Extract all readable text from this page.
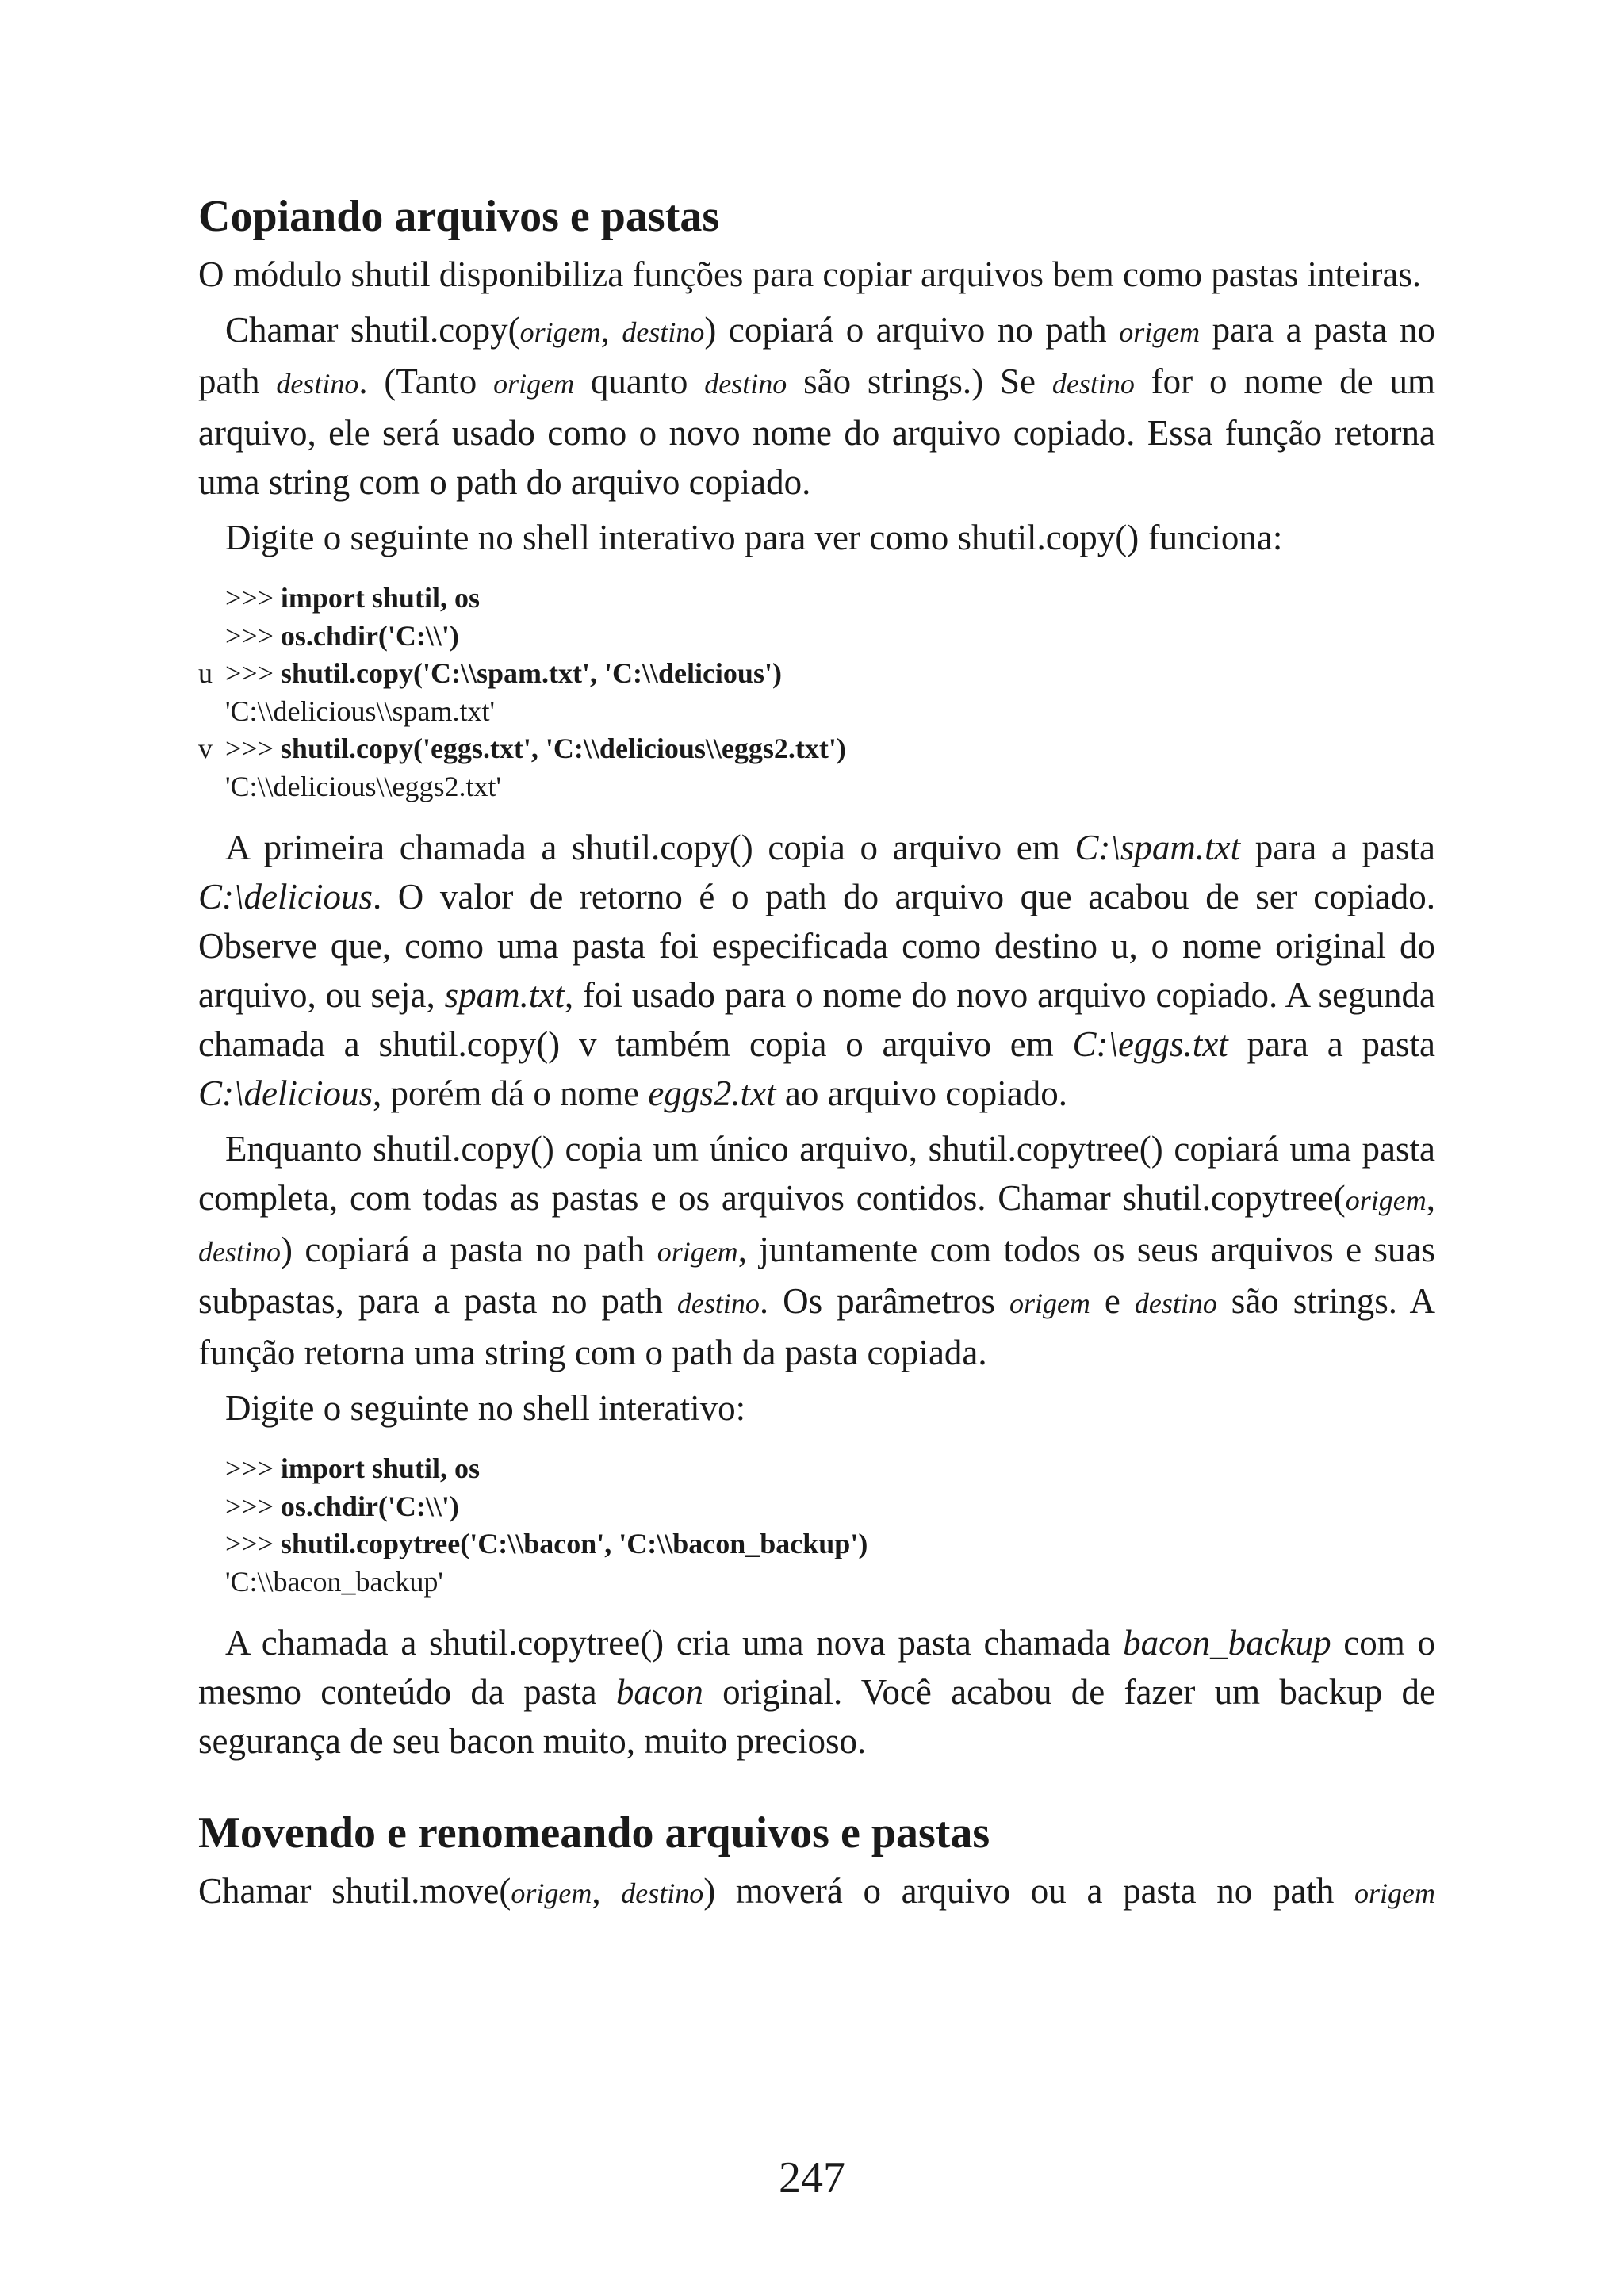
Copiando arquivos e pastas

O módulo shutil disponibiliza funções para copiar arquivos bem como pastas inteiras.

Chamar shutil.copy(origem, destino) copiará o arquivo no path origem para a pasta no path destino. (Tanto origem quanto destino são strings.) Se destino for o nome de um arquivo, ele será usado como o novo nome do arquivo copiado. Essa função retorna uma string com o path do arquivo copiado.

Digite o seguinte no shell interativo para ver como shutil.copy() funciona:

>>> import shutil, os
>>> os.chdir('C:\\')
u >>> shutil.copy('C:\\spam.txt', 'C:\\delicious')
'C:\\delicious\\spam.txt'
v >>> shutil.copy('eggs.txt', 'C:\\delicious\\eggs2.txt')
'C:\\delicious\\eggs2.txt'

A primeira chamada a shutil.copy() copia o arquivo em C:\spam.txt para a pasta C:\delicious. O valor de retorno é o path do arquivo que acabou de ser copiado. Observe que, como uma pasta foi especificada como destino u, o nome original do arquivo, ou seja, spam.txt, foi usado para o nome do novo arquivo copiado. A segunda chamada a shutil.copy() v também copia o arquivo em C:\eggs.txt para a pasta C:\delicious, porém dá o nome eggs2.txt ao arquivo copiado.

Enquanto shutil.copy() copia um único arquivo, shutil.copytree() copiará uma pasta completa, com todas as pastas e os arquivos contidos. Chamar shutil.copytree(origem, destino) copiará a pasta no path origem, juntamente com todos os seus arquivos e suas subpastas, para a pasta no path destino. Os parâmetros origem e destino são strings. A função retorna uma string com o path da pasta copiada.

Digite o seguinte no shell interativo:

>>> import shutil, os
>>> os.chdir('C:\\')
>>> shutil.copytree('C:\\bacon', 'C:\\bacon_backup')
'C:\\bacon_backup'

A chamada a shutil.copytree() cria uma nova pasta chamada bacon_backup com o mesmo conteúdo da pasta bacon original. Você acabou de fazer um backup de segurança de seu bacon muito, muito precioso.

Movendo e renomeando arquivos e pastas

Chamar shutil.move(origem, destino) moverá o arquivo ou a pasta no path origem

247
